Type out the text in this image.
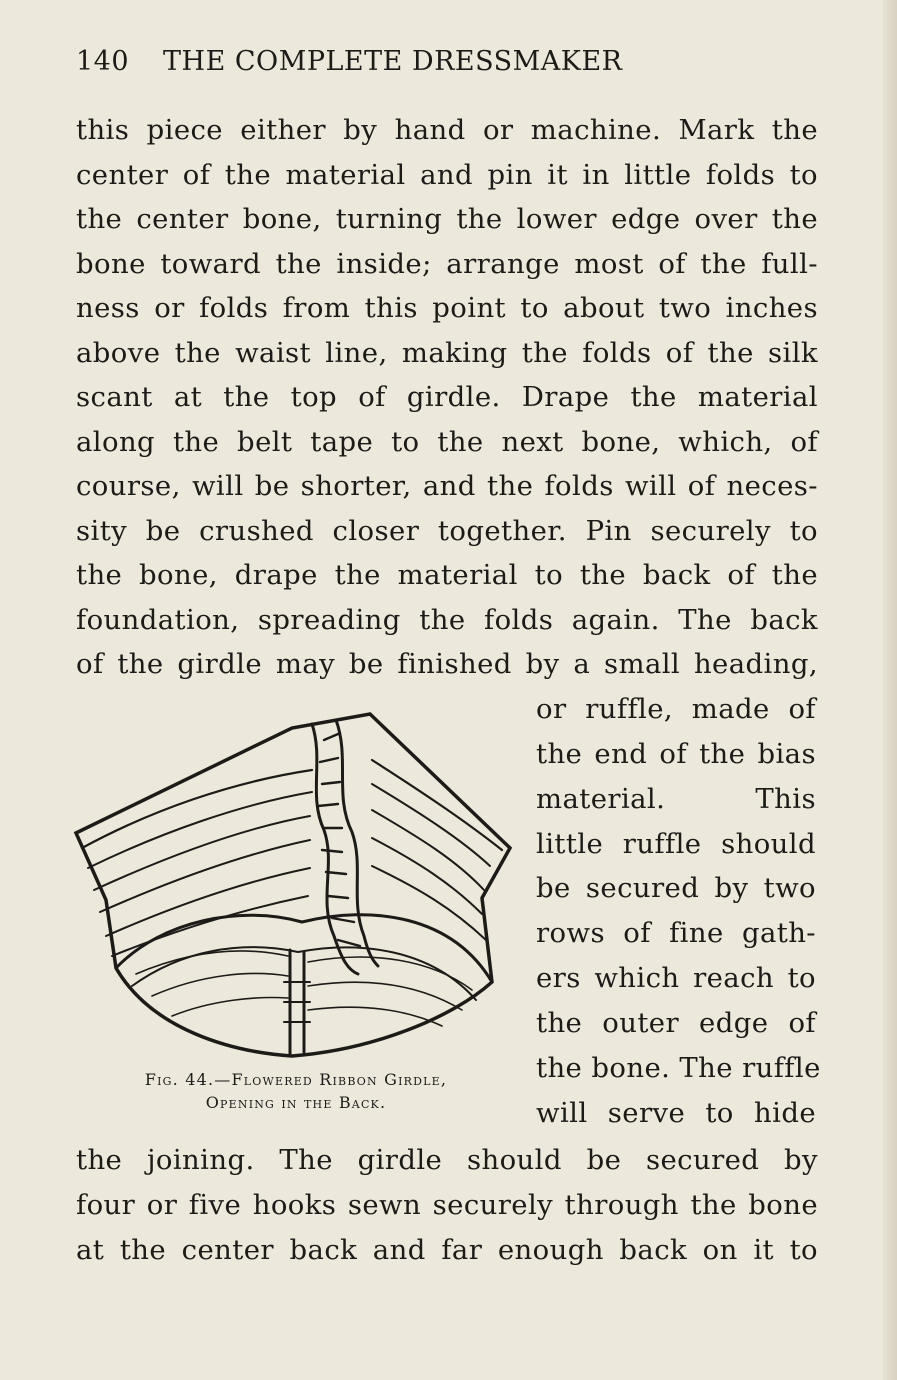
140 THE COMPLETE DRESSMAKER
this piece either by hand or machine. Mark the
center of the material and pin it in little folds to
the center bone, turning the lower edge over the
bone toward the inside; arrange most of the full-
ness or folds from this point to about two inches
above the waist line, making the folds of the silk
scant at the top of girdle. Drape the material
along the belt tape to the next bone, which, of
course, will be shorter, and the folds will of neces-
sity be crushed closer together. Pin securely to
the bone, drape the material to the back of the
foundation, spreading the folds again. The back
of the girdle may be finished by a small heading,
or ruffle, made of
the end of the bias
material. This
little ruffle should
be secured by two
rows of fine gath-
ers which reach to
the outer edge of
the bone. The ruffle
will serve to hide
Fig. 44.—Flowered Ribbon Girdle,
Opening in the Back.
the joining. The girdle should be secured by
four or five hooks sewn securely through the bone
at the center back and far enough back on it to
